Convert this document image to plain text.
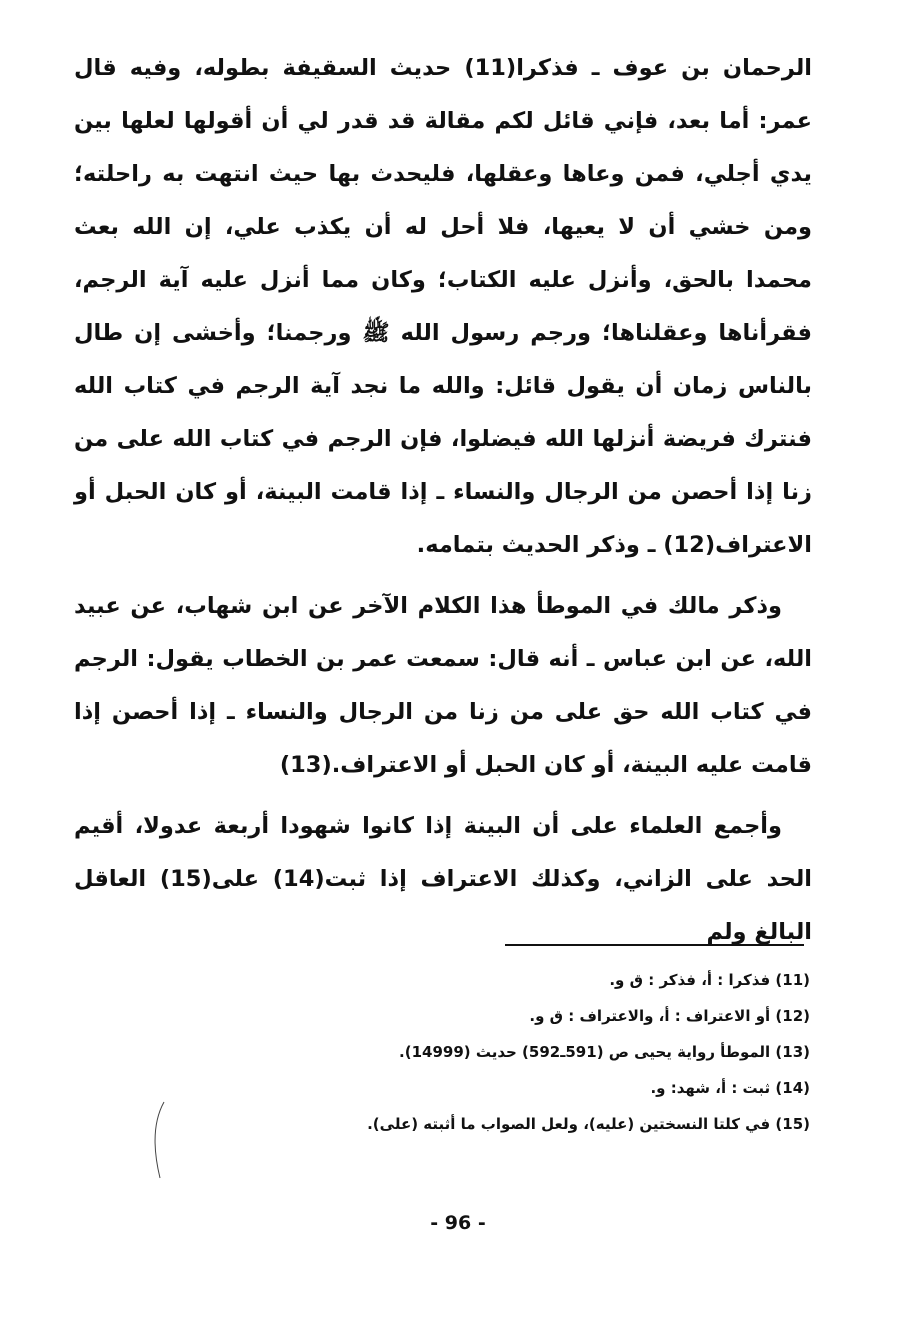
الرحمان بن عوف ـ فذكرا(11) حديث السقيفة بطوله، وفيه قال عمر: أما بعد، فإني قائل لكم مقالة قد قدر لي أن أقولها لعلها بين يدي أجلي، فمن وعاها وعقلها، فليحدث بها حيث انتهت به راحلته؛ ومن خشي أن لا يعيها، فلا أحل له أن يكذب علي، إن الله بعث محمدا بالحق، وأنزل عليه الكتاب؛ وكان مما أنزل عليه آية الرجم، فقرأناها وعقلناها؛ ورجم رسول الله ﷺ ورجمنا؛ وأخشى إن طال بالناس زمان أن يقول قائل: والله ما نجد آية الرجم في كتاب الله فنترك فريضة أنزلها الله فيضلوا، فإن الرجم في كتاب الله على من زنا إذا أحصن من الرجال والنساء ـ إذا قامت البينة، أو كان الحبل أو الاعتراف(12) ـ وذكر الحديث بتمامه.

وذكر مالك في الموطأ هذا الكلام الآخر عن ابن شهاب، عن عبيد الله، عن ابن عباس ـ أنه قال: سمعت عمر بن الخطاب يقول: الرجم في كتاب الله حق على من زنا من الرجال والنساء ـ إذا أحصن إذا قامت عليه البينة، أو كان الحبل أو الاعتراف.(13)

وأجمع العلماء على أن البينة إذا كانوا شهودا أربعة عدولا، أقيم الحد على الزاني، وكذلك الاعتراف إذا ثبت(14) على(15) العاقل البالغ ولم

(11) فذكرا : أ، فذكر : ق و.
(12) أو الاعتراف : أ، والاعتراف : ق و.
(13) الموطأ رواية يحيى ص (591ـ592) حديث (14999).
(14) ثبت : أ، شهد: و.
(15) في كلتا النسختين (عليه)، ولعل الصواب ما أثبته (على).
- 96 -
